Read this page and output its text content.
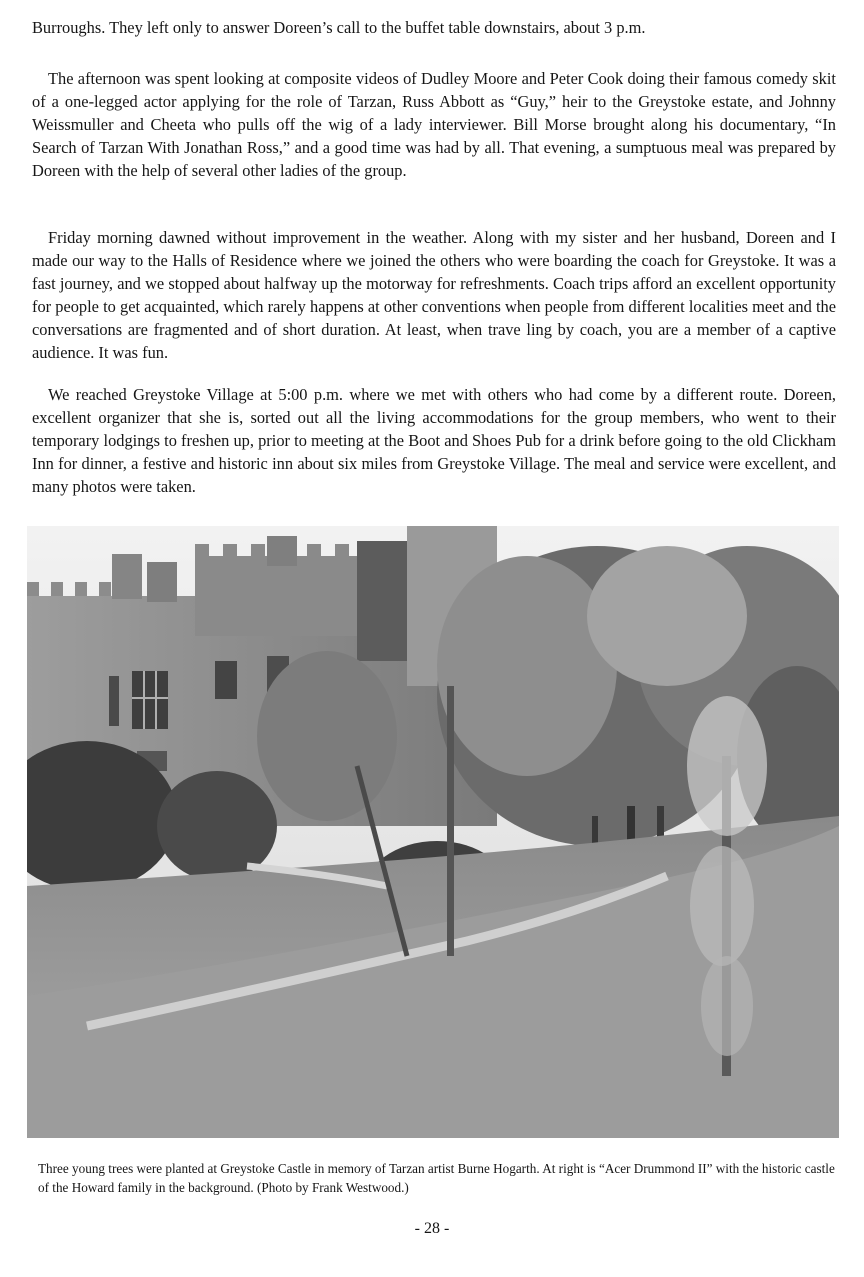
Burroughs. They left only to answer Doreen’s call to the buffet table downstairs, about 3 p.m.

The afternoon was spent looking at composite videos of Dudley Moore and Peter Cook doing their famous comedy skit of a one-legged actor applying for the role of Tarzan, Russ Abbott as “Guy,” heir to the Greystoke estate, and Johnny Weissmuller and Cheeta who pulls off the wig of a lady interviewer. Bill Morse brought along his documentary, “In Search of Tarzan With Jonathan Ross,” and a good time was had by all. That evening, a sumptuous meal was prepared by Doreen with the help of several other ladies of the group.

Friday morning dawned without improvement in the weather. Along with my sister and her husband, Doreen and I made our way to the Halls of Residence where we joined the others who were boarding the coach for Greystoke. It was a fast journey, and we stopped about halfway up the motorway for refreshments. Coach trips afford an excellent opportunity for people to get acquainted, which rarely happens at other conventions when people from different localities meet and the conversations are fragmented and of short duration. At least, when trave ling by coach, you are a member of a captive audience. It was fun.

We reached Greystoke Village at 5:00 p.m. where we met with others who had come by a different route. Doreen, excellent organizer that she is, sorted out all the living accommodations for the group members, who went to their temporary lodgings to freshen up, prior to meeting at the Boot and Shoes Pub for a drink before going to the old Clickham Inn for dinner, a festive and historic inn about six miles from Greystoke Village. The meal and service were excellent, and many photos were taken.

Three young trees were planted at Greystoke Castle in memory of Tarzan artist Burne Hogarth. At right is “Acer Drummond II” with the historic castle of the Howard family in the background. (Photo by Frank Westwood.)

- 28 -
